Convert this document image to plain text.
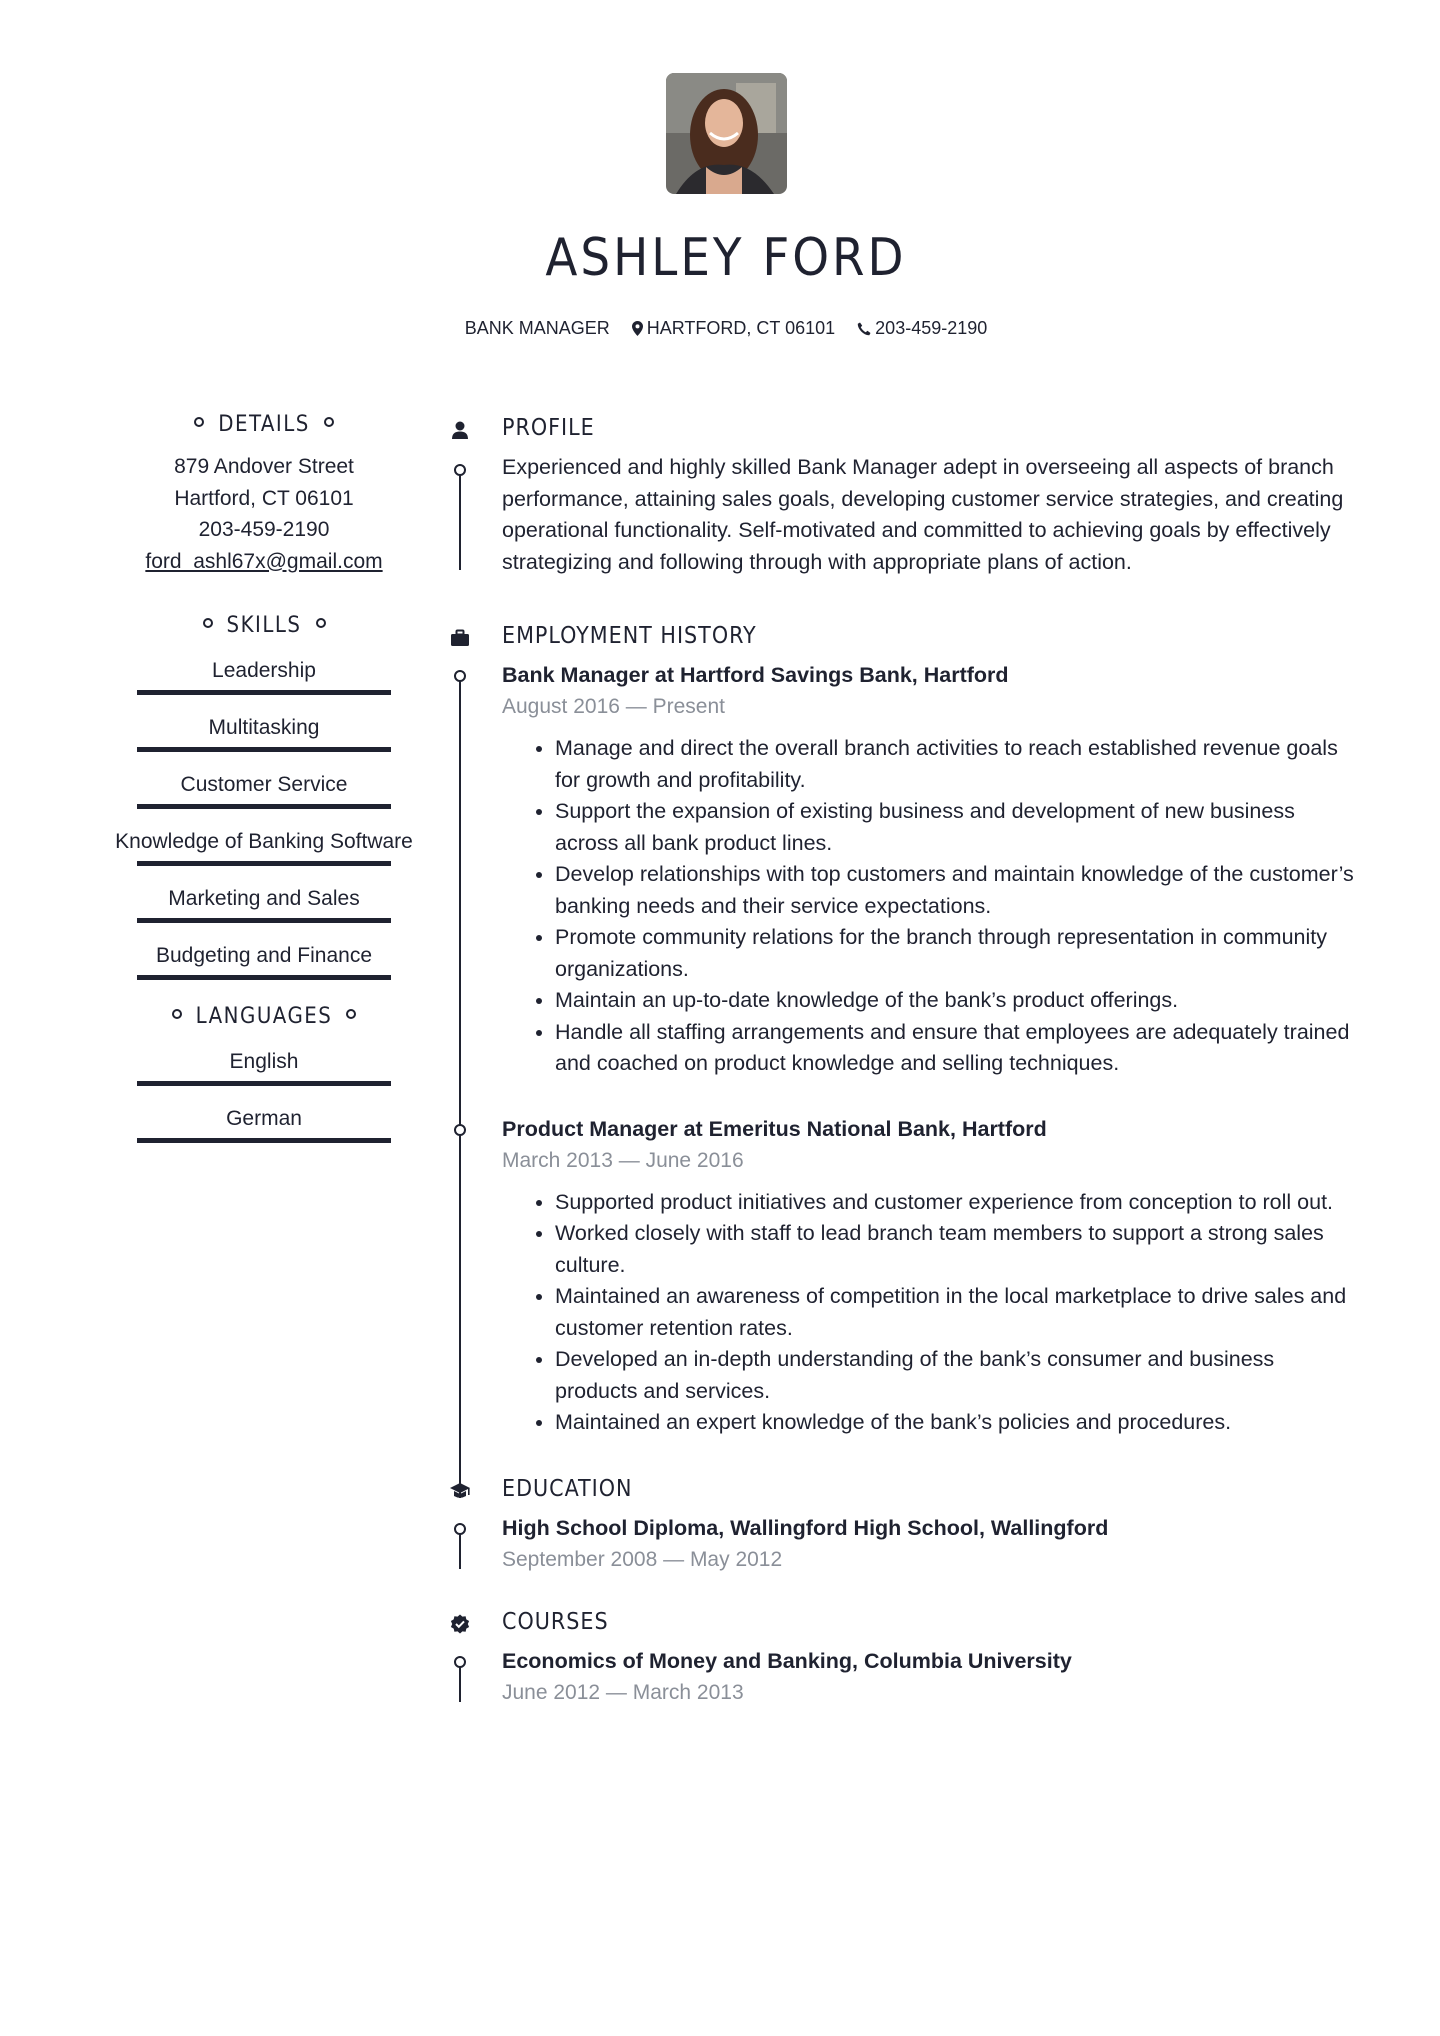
ASHLEY FORD
BANK MANAGER HARTFORD, CT 06101 203-459-2190
DETAILS
879 Andover Street
Hartford, CT 06101
203-459-2190
ford_ashl67x@gmail.com
SKILLS
Leadership
Multitasking
Customer Service
Knowledge of Banking Software
Marketing and Sales
Budgeting and Finance
LANGUAGES
English
German
PROFILE

Experienced and highly skilled Bank Manager adept in overseeing all aspects of branch performance, attaining sales goals, developing customer service strategies, and creating operational functionality. Self-motivated and committed to achieving goals by effectively strategizing and following through with appropriate plans of action.

EMPLOYMENT HISTORY
Bank Manager at Hartford Savings Bank, Hartford
August 2016 — Present
• Manage and direct the overall branch activities to reach established revenue goals for growth and profitability.
• Support the expansion of existing business and development of new business across all bank product lines.
• Develop relationships with top customers and maintain knowledge of the customer’s banking needs and their service expectations.
• Promote community relations for the branch through representation in community organizations.
• Maintain an up-to-date knowledge of the bank’s product offerings.
• Handle all staffing arrangements and ensure that employees are adequately trained and coached on product knowledge and selling techniques.
Product Manager at Emeritus National Bank, Hartford
March 2013 — June 2016
• Supported product initiatives and customer experience from conception to roll out.
• Worked closely with staff to lead branch team members to support a strong sales culture.
• Maintained an awareness of competition in the local marketplace to drive sales and customer retention rates.
• Developed an in-depth understanding of the bank’s consumer and business products and services.
• Maintained an expert knowledge of the bank’s policies and procedures.
EDUCATION
High School Diploma, Wallingford High School, Wallingford
September 2008 — May 2012
COURSES
Economics of Money and Banking, Columbia University
June 2012 — March 2013
